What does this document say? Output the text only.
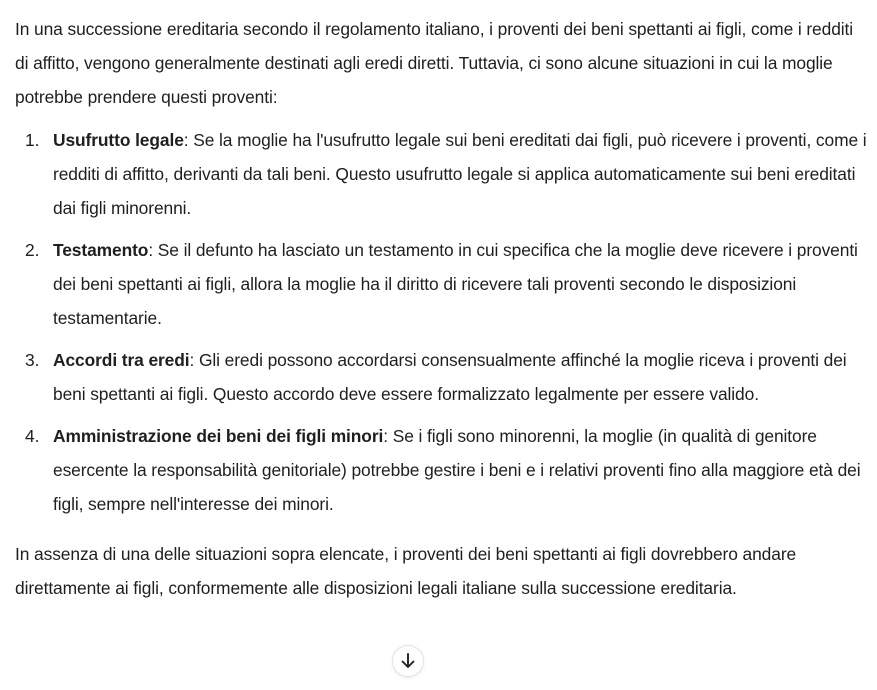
In una successione ereditaria secondo il regolamento italiano, i proventi dei beni spettanti ai figli, come i redditi di affitto, vengono generalmente destinati agli eredi diretti. Tuttavia, ci sono alcune situazioni in cui la moglie potrebbe prendere questi proventi:

1. Usufrutto legale: Se la moglie ha l'usufrutto legale sui beni ereditati dai figli, può ricevere i proventi, come i redditi di affitto, derivanti da tali beni. Questo usufrutto legale si applica automaticamente sui beni ereditati dai figli minorenni.
2. Testamento: Se il defunto ha lasciato un testamento in cui specifica che la moglie deve ricevere i proventi dei beni spettanti ai figli, allora la moglie ha il diritto di ricevere tali proventi secondo le disposizioni testamentarie.
3. Accordi tra eredi: Gli eredi possono accordarsi consensualmente affinché la moglie riceva i proventi dei beni spettanti ai figli. Questo accordo deve essere formalizzato legalmente per essere valido.
4. Amministrazione dei beni dei figli minori: Se i figli sono minorenni, la moglie (in qualità di genitore esercente la responsabilità genitoriale) potrebbe gestire i beni e i relativi proventi fino alla maggiore età dei figli, sempre nell'interesse dei minori.

In assenza di una delle situazioni sopra elencate, i proventi dei beni spettanti ai figli dovrebbero andare direttamente ai figli, conformemente alle disposizioni legali italiane sulla successione ereditaria.
